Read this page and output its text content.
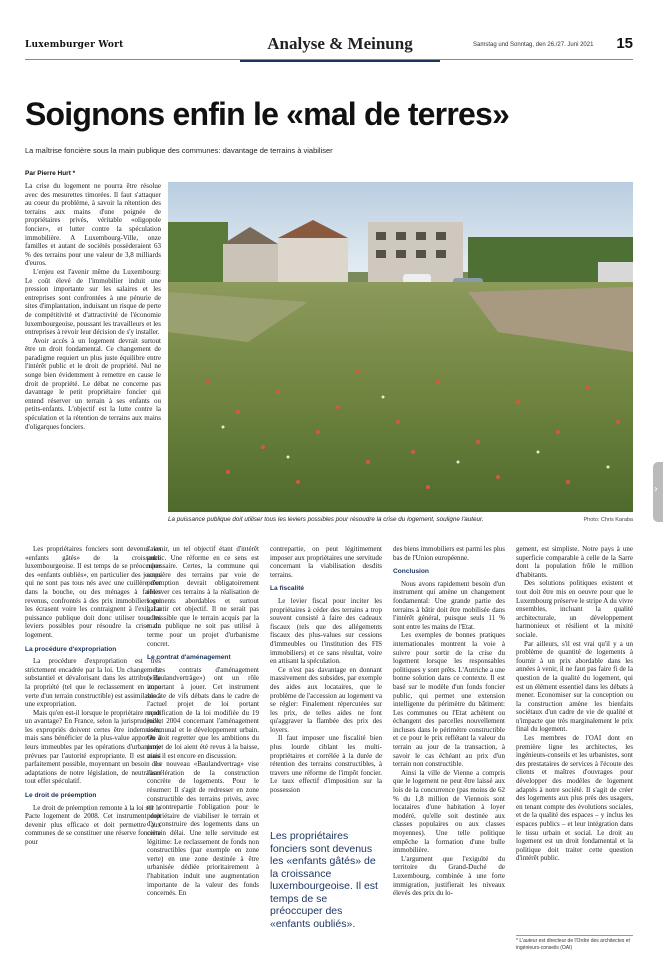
Luxemburger Wort	Analyse & Meinung	Samstag und Sonntag, den 26./27. Juni 2021 15
Soignons enfin le «mal de terres»
La maîtrise foncière sous la main publique des communes: davantage de terrains à viabiliser
Par Pierre Hurt *

La crise du logement ne pourra être résolue avec des mesurettes timorées. Il faut s'attaquer au coeur du problème, à savoir la rétention des terrains aux mains d'une poignée de propriétaires privés, véritable «oligopole foncier», et lutter contre la spéculation immobilière. A Luxembourg-Ville, onze familles et autant de sociétés possèderaient 63 % des terrains pour une valeur de 3,8 milliards d'euros.

L'enjeu est l'avenir même du Luxembourg: Le coût élevé de l'immobilier induit une pression importante sur les salaires et les entreprises sont confrontées à une pénurie de sites d'implantation, induisant un risque de perte de compétitivité et d'attractivité de l'économie luxembourgeoise, poussant les travailleurs et les entreprises à revoir leur décision de s'y installer.

Avoir accès à un logement devrait surtout être un droit fondamental. Ce changement de paradigme requiert un plus juste équilibre entre l'intérêt public et le droit de propriété. Nul ne songe bien évidemment à remettre en cause le droit de propriété. Le débat ne concerne pas davantage le petit propriétaire foncier qui entend réserver un terrain à ses enfants ou petits-enfants. L'objectif est la lutte contre la spéculation et la rétention de terrains aux mains d'oligarques fonciers.

La puissance publique doit utiliser tous les leviers possibles pour résoudre la crise du logement, souligne l'auteur.	Photo: Chris Karaba

Les propriétaires fonciers sont devenus les «enfants gâtés» de la croissance luxembourgeoise. Il est temps de se préoccuper des «enfants oubliés», en particulier des jeunes qui ne sont pas tous nés avec une cuillère d'or dans la bouche, ou des ménages à faibles revenus, confrontés à des prix immobiliers qui les écrasent voire les contraignent à l'exil. La puissance publique doit donc utiliser tous les leviers possibles pour résoudre la crise du logement.

La procédure d'expropriation

La procédure d'expropriation est très strictement encadrée par la loi. Un changement substantiel et dévalorisant dans les attributs de la propriété (tel que le reclassement en zone verte d'un terrain constructible) est assimilable à une expropriation.

Mais qu'en est-il lorsque le propriétaire reçoit un avantage? En France, selon la jurisprudence, les expropriés doivent certes être indemnisés, mais sans bénéficier de la plus-value apportée à leurs immeubles par les opérations d'urbanisme prévues par l'autorité expropriante. Il est ainsi parfaitement possible, moyennant un besoin des adaptations de notre législation, de neutraliser tout effet spéculatif.

Le droit de préemption

Le droit de préemption remonte à la loi sur le Pacte logement de 2008. Cet instrument doit devenir plus efficace et doit permettre aux communes de se constituer une réserve foncière pour

l'avenir, un tel objectif étant d'intérêt public. Une réforme en ce sens est nécessaire. Certes, la commune qui acquière des terrains par voie de préemption devrait obligatoirement réserver ces terrains à la réalisation de logements abordables et surtout garantir cet objectif. Il ne serait pas admissible que le terrain acquis par la main publique ne soit pas utilisé à terme pour un projet d'urbanisme concret.

Le contrat d'aménagement

Les contrats d'aménagement («Baulandverträge») ont un rôle important à jouer. Cet instrument suscite de vifs débats dans le cadre de l'actuel projet de loi portant modification de la loi modifiée du 19 juillet 2004 concernant l'aménagement communal et le développement urbain. On doit regretter que les ambitions du projet de loi aient été revus à la baisse, mais il est encore en discussion.

Le nouveau «Baulandvertrag» vise l'accélération de la construction concrète de logements. Pour le résumer: Il s'agit de redresser en zone constructible des terrains privés, avec en contrepartie l'obligation pour le propriétaire de viabiliser le terrain et d'y construire des logements dans un certain délai. Une telle servitude est légitime: Le reclassement de fonds non constructibles (par exemple en zone verte) en une zone destinée à être urbanisée dédiée prioritairement à l'habitation induit une augmentation importante de la valeur des fonds concernés. En

contrepartie, on peut légitimement imposer aux propriétaires une servitude concernant la viabilisation desdits terrains.

La fiscalité

Le levier fiscal pour inciter les propriétaires à céder des terrains a trop souvent consisté à faire des cadeaux fiscaux (tels que des allégements fiscaux des plus-values sur cessions d'immeubles ou l'institution des FIS immobiliers) et ce sans résultat, voire en attisant la spéculation.

Ce n'est pas davantage en donnant massivement des subsides, par exemple des aides aux locataires, que le problème de l'accession au logement va se régler: Finalement répercutées sur les prix, de telles aides ne font qu'aggraver la flambée des prix des loyers.

Il faut imposer une fiscalité bien plus lourde ciblant les multi-propriétaires et corrélée à la durée de rétention des terrains constructibles, à travers une réforme de l'impôt foncier. Le taux effectif d'imposition sur la possession

Les propriétaires fonciers sont devenus les «enfants gâtés» de la croissance luxembourgeoise. Il est temps de se préoccuper des «enfants oubliés».

des biens immobiliers est parmi les plus bas de l'Union européenne.

Conclusion

Nous avons rapidement besoin d'un instrument qui amène un changement fondamental: Une grande partie des terrains à bâtir doit être mobilisée dans l'intérêt général, puisque seuls 11 % sont entre les mains de l'Etat.

Les exemples de bonnes pratiques internationales montrent la voie à suivre pour sortir de la crise du logement lorsque les responsables politiques y sont prêts. L'Autriche a une bonne solution dans ce contexte. Il est basé sur le modèle d'un fonds foncier public, qui permet une extension intelligente du périmètre du bâtiment: Les communes ou l'Etat achètent ou échangent des parcelles nouvellement incluses dans le périmètre constructible et ce pour le prix reflétant la valeur du terrain au jour de la transaction, à savoir le cas échéant au prix d'un terrain non constructible.

Ainsi la ville de Vienne a compris que le logement ne peut être laissé aux lois de la concurrence (pas moins de 62 % du 1,8 million de Viennois sont locataires d'une habitation à loyer modéré, qu'elle soit destinée aux classes populaires ou aux classes moyennes). Une telle politique empêche la formation d'une bulle immobilière.

L'argument que l'exiguïté du territoire du Grand-Duché de Luxembourg, combinée à une forte immigration, justifierait les niveaux élevés des prix du lo-

gement, est simpliste. Notre pays à une superficie comparable à celle de la Sarre dont la population frôle le million d'habitants.

Des solutions politiques existent et tout doit être mis en oeuvre pour que le Luxembourg préserve le stripe A du vivre ensembles, incluant la qualité architecturale, un développement harmonieux et résilient et la mixité sociale.

Par ailleurs, s'il est vrai qu'il y a un problème de quantité de logements à fournir à un prix abordable dans les années à venir, il ne faut pas faire fi de la question de la qualité du logement, qui est un élément essentiel dans les débats à mener. Economiser sur la conception ou la construction amène les bienfaits sociétaux d'un cadre de vie de qualité et n'impacte que très marginalement le prix final du logement.

Les membres de l'OAI dont en première ligne les architectes, les ingénieurs-conseils et les urbanistes, sont des prestataires de services à l'écoute des clients et maîtres d'ouvrages pour développer des modèles de logement adaptés à notre société. Il s'agit de créer des logements aux plus près des usagers, en tenant compte des évolutions sociales, et de la qualité des espaces – y inclus les espaces publics – et leur intégration dans le tissu urbain et social. Le droit au logement est un droit fondamental et la politique doit traiter cette question d'intérêt public.

* L'auteur est directeur de l'Ordre des architectes et ingénieurs-conseils (OAI)
›
